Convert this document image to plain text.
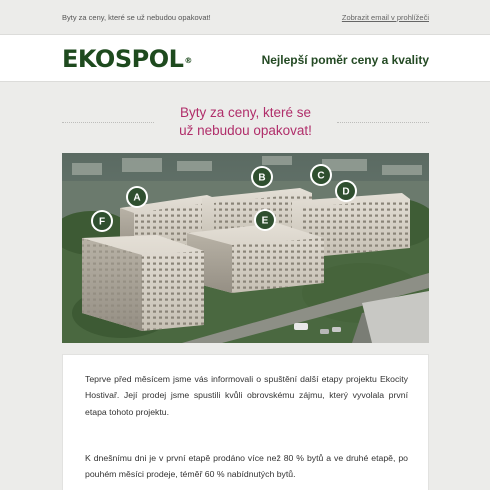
Byty za ceny, které se už nebudou opakovat!	Zobrazit email v prohlížeči
EKOSPOL®	Nejlepší poměr ceny a kvality
Byty za ceny, které se
už nebudou opakovat!
A
B	C
D
E
F

Teprve před měsícem jsme vás informovali o spuštění další etapy projektu Ekocity Hostivař. Její prodej jsme spustili kvůli obrovskému zájmu, který vyvolala první etapa tohoto projektu.

K dnešnímu dni je v první etapě prodáno více než 80 % bytů a ve druhé etapě, po pouhém měsíci prodeje, téměř 60 % nabídnutých bytů.
